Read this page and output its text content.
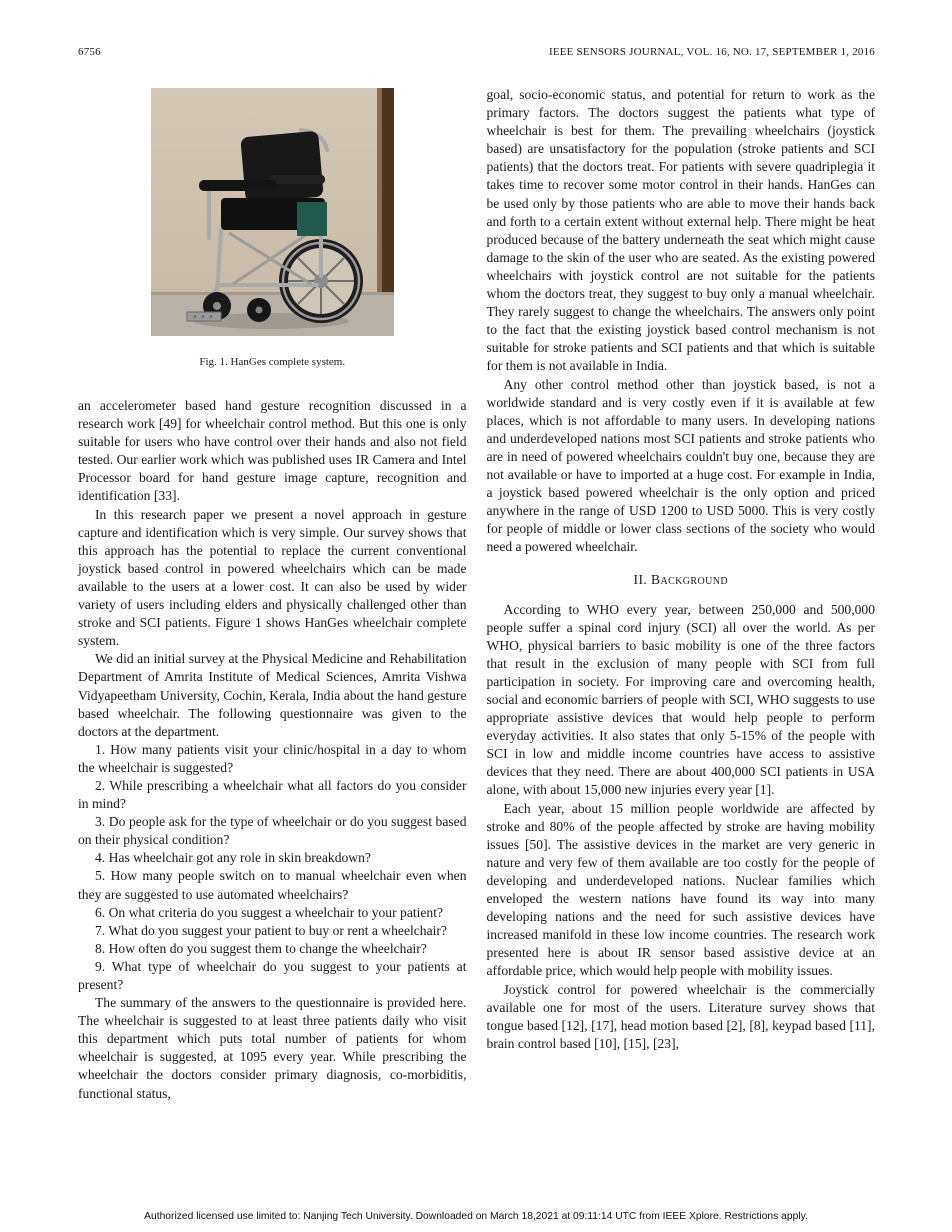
6756	IEEE SENSORS JOURNAL, VOL. 16, NO. 17, SEPTEMBER 1, 2016
Fig. 1. HanGes complete system.

an accelerometer based hand gesture recognition discussed in a research work [49] for wheelchair control method. But this one is only suitable for users who have control over their hands and also not field tested. Our earlier work which was published uses IR Camera and Intel Processor board for hand gesture image capture, recognition and identification [33].

In this research paper we present a novel approach in gesture capture and identification which is very simple. Our survey shows that this approach has the potential to replace the current conventional joystick based control in powered wheelchairs which can be made available to the users at a lower cost. It can also be used by wider variety of users including elders and physically challenged other than stroke and SCI patients. Figure 1 shows HanGes wheelchair complete system.

We did an initial survey at the Physical Medicine and Rehabilitation Department of Amrita Institute of Medical Sciences, Amrita Vishwa Vidyapeetham University, Cochin, Kerala, India about the hand gesture based wheelchair. The following questionnaire was given to the doctors at the department.

1. How many patients visit your clinic/hospital in a day to whom the wheelchair is suggested?

2. While prescribing a wheelchair what all factors do you consider in mind?

3. Do people ask for the type of wheelchair or do you suggest based on their physical condition?

4. Has wheelchair got any role in skin breakdown?

5. How many people switch on to manual wheelchair even when they are suggested to use automated wheelchairs?

6. On what criteria do you suggest a wheelchair to your patient?

7. What do you suggest your patient to buy or rent a wheelchair?

8. How often do you suggest them to change the wheelchair?

9. What type of wheelchair do you suggest to your patients at present?

The summary of the answers to the questionnaire is provided here. The wheelchair is suggested to at least three patients daily who visit this department which puts total number of patients for whom wheelchair is suggested, at 1095 every year. While prescribing the wheelchair the doctors consider primary diagnosis, co-morbiditis, functional status,

goal, socio-economic status, and potential for return to work as the primary factors. The doctors suggest the patients what type of wheelchair is best for them. The prevailing wheelchairs (joystick based) are unsatisfactory for the population (stroke patients and SCI patients) that the doctors treat. For patients with severe quadriplegia it takes time to recover some motor control in their hands. HanGes can be used only by those patients who are able to move their hands back and forth to a certain extent without external help. There might be heat produced because of the battery underneath the seat which might cause damage to the skin of the user who are seated. As the existing powered wheelchairs with joystick control are not suitable for the patients whom the doctors treat, they suggest to buy only a manual wheelchair. They rarely suggest to change the wheelchairs. The answers only point to the fact that the existing joystick based control mechanism is not suitable for stroke patients and SCI patients and that which is suitable for them is not available in India.

Any other control method other than joystick based, is not a worldwide standard and is very costly even if it is available at few places, which is not affordable to many users. In developing nations and underdeveloped nations most SCI patients and stroke patients who are in need of powered wheelchairs couldn't buy one, because they are not available or have to imported at a huge cost. For example in India, a joystick based powered wheelchair is the only option and priced anywhere in the range of USD 1200 to USD 5000. This is very costly for people of middle or lower class sections of the society who would need a powered wheelchair.

II. Background

According to WHO every year, between 250,000 and 500,000 people suffer a spinal cord injury (SCI) all over the world. As per WHO, physical barriers to basic mobility is one of the three factors that result in the exclusion of many people with SCI from full participation in society. For improving care and overcoming health, social and economic barriers of people with SCI, WHO suggests to use appropriate assistive devices that would help people to perform everyday activities. It also states that only 5-15% of the people with SCI in low and middle income countries have access to assistive devices that they need. There are about 400,000 SCI patients in USA alone, with about 15,000 new injuries every year [1].

Each year, about 15 million people worldwide are affected by stroke and 80% of the people affected by stroke are having mobility issues [50]. The assistive devices in the market are very generic in nature and very few of them available are too costly for the people of developing and underdeveloped nations. Nuclear families which enveloped the western nations have found its way into many developing nations and the need for such assistive devices have increased manifold in these low income countries. The research work presented here is about IR sensor based assistive device at an affordable price, which would help people with mobility issues.

Joystick control for powered wheelchair is the commercially available one for most of the users. Literature survey shows that tongue based [12], [17], head motion based [2], [8], keypad based [11], brain control based [10], [15], [23],

Authorized licensed use limited to: Nanjing Tech University. Downloaded on March 18,2021 at 09:11:14 UTC from IEEE Xplore. Restrictions apply.
